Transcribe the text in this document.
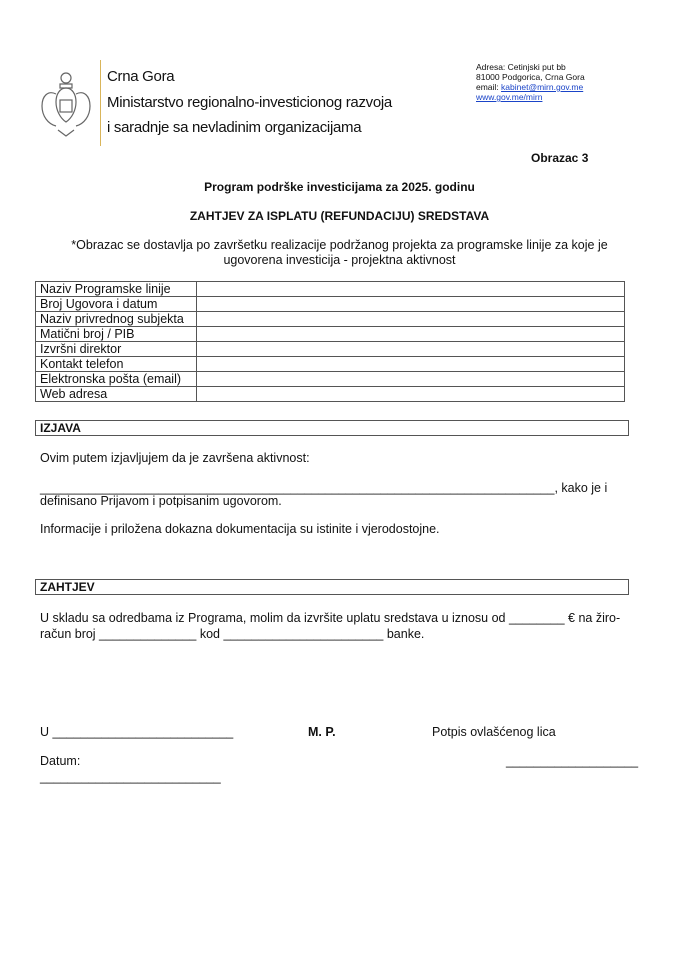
Crna Gora
Ministarstvo regionalno-investicionog razvoja
i saradnje sa nevladinim organizacijama
Adresa: Cetinjski put bb
81000 Podgorica, Crna Gora
email: kabinet@mirn.gov.me
www.gov.me/mirn
Obrazac 3
Program podrške investicijama za 2025. godinu
ZAHTJEV ZA ISPLATU (REFUNDACIJU) SREDSTAVA
*Obrazac se dostavlja po završetku realizacije podržanog projekta za programske linije za koje je
ugovorena investicija - projektna aktivnost
Naziv Programske linije	
Broj Ugovora i datum	
Naziv privrednog subjekta	
Matični broj / PIB	
Izvršni direktor	
Kontakt telefon	
Elektronska pošta (email)	
Web adresa	
IZJAVA
Ovim putem izjavljujem da je završena aktivnost:
__________________________________________________________________________, kako je i
definisano Prijavom i potpisanim ugovorom.
Informacije i priložena dokazna dokumentacija su istinite i vjerodostojne.
ZAHTJEV
U skladu sa odredbama iz Programa, molim da izvršite uplatu sredstava u iznosu od ________ € na žiro-
račun broj ______________ kod _______________________ banke.
U __________________________	M. P.	Potpis ovlašćenog lica
Datum:	___________________
__________________________
